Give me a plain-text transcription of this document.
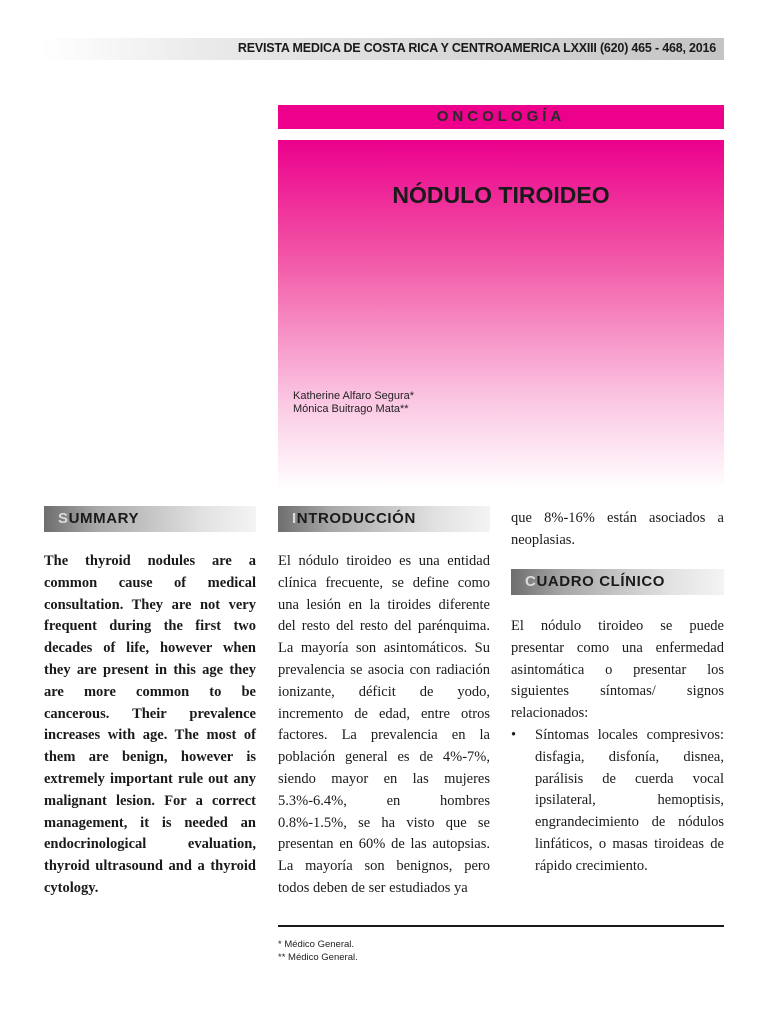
REVISTA MEDICA DE COSTA RICA Y CENTROAMERICA LXXIII (620) 465 - 468, 2016
ONCOLOGÍA
NÓDULO TIROIDEO
Katherine Alfaro Segura*
Mónica Buitrago Mata**
SUMMARY

The thyroid nodules are a common cause of medical consultation. They are not very frequent during the first two decades of life, however when they are present in this age they are more common to be cancerous. Their prevalence increases with age. The most of them are benign, however is extremely important rule out any malignant lesion. For a correct management, it is needed an endocrinological evaluation, thyroid ultrasound and a thyroid cytology.

INTRODUCCIÓN

El nódulo tiroideo es una entidad clínica frecuente, se define como una lesión en la tiroides diferente del resto del resto del parénquima. La mayoría son asintomáticos. Su prevalencia se asocia con radiación ionizante, déficit de yodo, incremento de edad, entre otros factores. La prevalencia en la población general es de 4%-7%, siendo mayor en las mujeres 5.3%-6.4%, en hombres 0.8%-1.5%, se ha visto que se presentan en 60% de las autopsias. La mayoría son benignos, pero todos deben de ser estudiados ya

que 8%-16% están asociados a neoplasias.

CUADRO CLÍNICO

El nódulo tiroideo se puede presentar como una enfermedad asintomática o presentar los siguientes síntomas/ signos relacionados:

• Síntomas locales compresivos: disfagia, disfonía, disnea, parálisis de cuerda vocal ipsilateral, hemoptisis, engrandecimiento de nódulos linfáticos, o masas tiroideas de rápido crecimiento.
* Médico General.
** Médico General.
